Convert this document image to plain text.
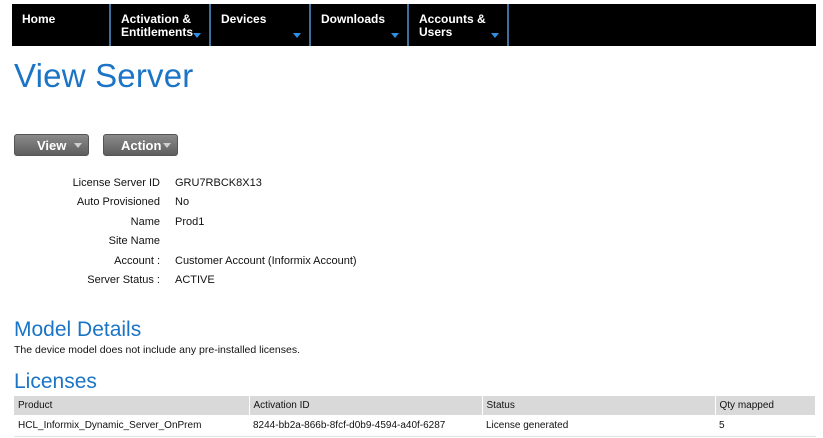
Home	Activation &
Entitlements
Devices	Downloads	Accounts &
Users
View Server
View	Action
License Server ID GRU7RBCK8X13
Auto Provisioned No
Name Prod1
Site Name
Account : Customer Account (Informix Account)
Server Status : ACTIVE
Model Details

The device model does not include any pre-installed licenses.

Licenses
Product	Activation ID	Status	Qty mapped
HCL_Informix_Dynamic_Server_OnPrem	8244-bb2a-866b-8fcf-d0b9-4594-a40f-6287	License generated	5
